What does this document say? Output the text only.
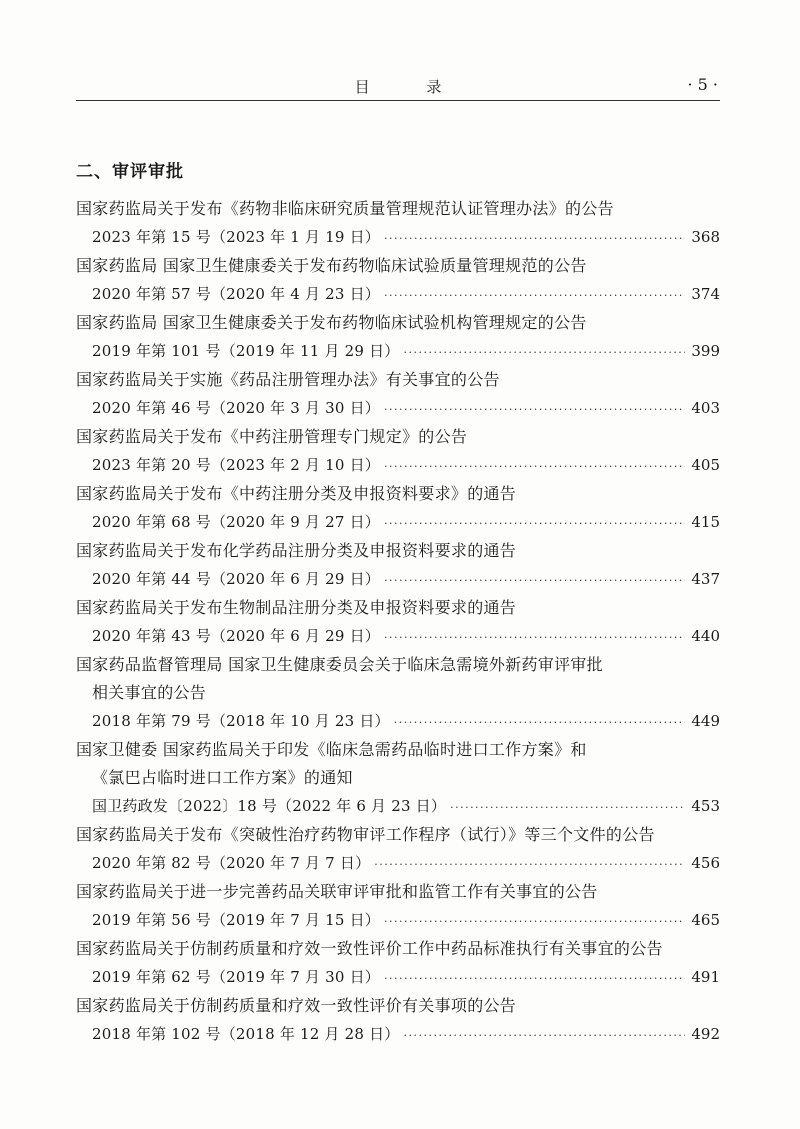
目 录	· 5 ·
二、审评审批
国家药监局关于发布《药物非临床研究质量管理规范认证管理办法》的公告
2023 年第 15 号（2023 年 1 月 19 日） ·····	368
国家药监局 国家卫生健康委关于发布药物临床试验质量管理规范的公告
2020 年第 57 号（2020 年 4 月 23 日） ·····	374
国家药监局 国家卫生健康委关于发布药物临床试验机构管理规定的公告
2019 年第 101 号（2019 年 11 月 29 日） ·····	399
国家药监局关于实施《药品注册管理办法》有关事宜的公告
2020 年第 46 号（2020 年 3 月 30 日） ·····	403
国家药监局关于发布《中药注册管理专门规定》的公告
2023 年第 20 号（2023 年 2 月 10 日） ·····	405
国家药监局关于发布《中药注册分类及申报资料要求》的通告
2020 年第 68 号（2020 年 9 月 27 日） ·····	415
国家药监局关于发布化学药品注册分类及申报资料要求的通告
2020 年第 44 号（2020 年 6 月 29 日） ·····	437
国家药监局关于发布生物制品注册分类及申报资料要求的通告
2020 年第 43 号（2020 年 6 月 29 日） ·····	440
国家药品监督管理局 国家卫生健康委员会关于临床急需境外新药审评审批
相关事宜的公告
2018 年第 79 号（2018 年 10 月 23 日） ·····	449
国家卫健委 国家药监局关于印发《临床急需药品临时进口工作方案》和
《氯巴占临时进口工作方案》的通知
国卫药政发〔2022〕18 号（2022 年 6 月 23 日） ·····	453
国家药监局关于发布《突破性治疗药物审评工作程序（试行）》等三个文件的公告
2020 年第 82 号（2020 年 7 月 7 日） ·····	456
国家药监局关于进一步完善药品关联审评审批和监管工作有关事宜的公告
2019 年第 56 号（2019 年 7 月 15 日） ·····	465
国家药监局关于仿制药质量和疗效一致性评价工作中药品标准执行有关事宜的公告
2019 年第 62 号（2019 年 7 月 30 日） ·····	491
国家药监局关于仿制药质量和疗效一致性评价有关事项的公告
2018 年第 102 号（2018 年 12 月 28 日） ·····	492
